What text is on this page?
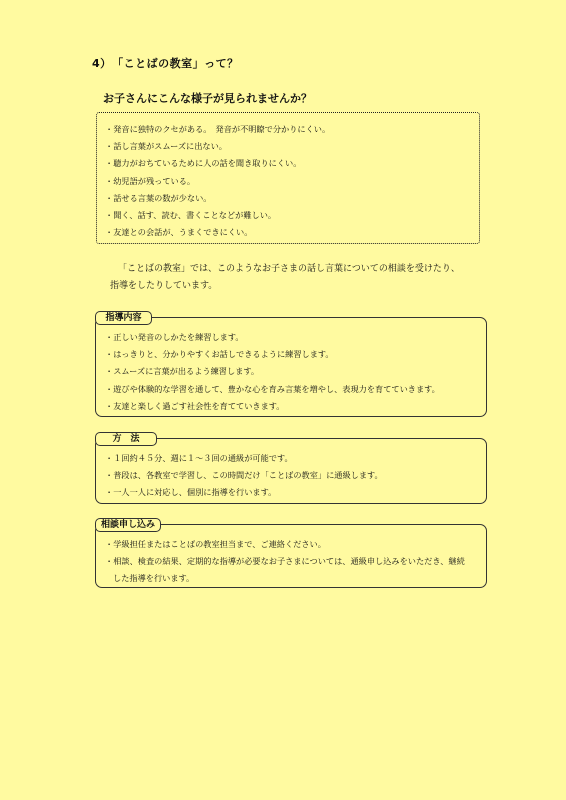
4）　「ことばの教室」って？
お子さんにこんな様子が見られませんか？
・発音に独特のクセがある。　発音が不明瞭で分かりにくい。
・話し言葉がスムーズに出ない。
・聴力がおちているために人の話を聞き取りにくい。
・幼児語が残っている。
・話せる言葉の数が少ない。
・聞く、話す、読む、書くことなどが難しい。
・友達との会話が、うまくできにくい。
「ことばの教室」では、このようなお子さまの話し言葉についての相談を受けたり、
指導をしたりしています。
・正しい発音のしかたを練習します。
・はっきりと、分かりやすくお話しできるように練習します。
・スムーズに言葉が出るよう練習します。
・遊びや体験的な学習を通して、豊かな心を育み言葉を増やし、表現力を育てていきます。
・友達と楽しく過ごす社会性を育てていきます。
指導内容
・１回約４５分、週に１～３回の通級が可能です。
・普段は、各教室で学習し、この時間だけ「ことばの教室」に通級します。
・一人一人に対応し、個別に指導を行います。
方　法
・学級担任またはことばの教室担当まで、ご連絡ください。
・相談、検査の結果、定期的な指導が必要なお子さまについては、通級申し込みをいただき、継続
した指導を行います。
相談申し込み
